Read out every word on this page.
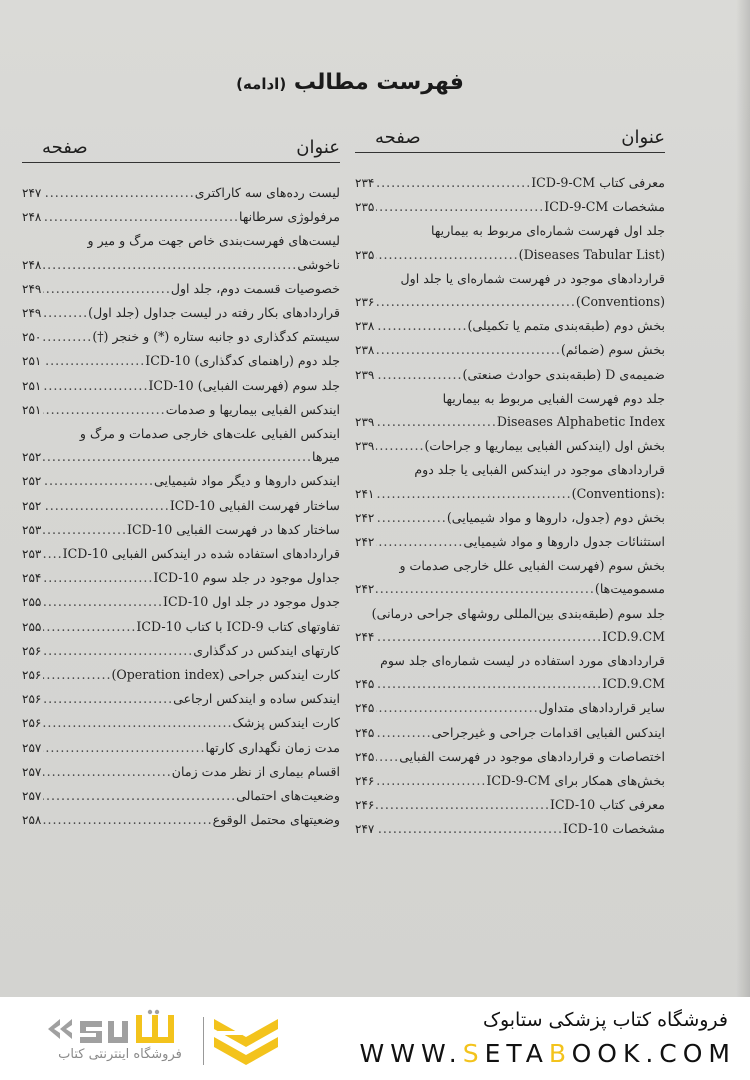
فهرست مطالب (ادامه)
عنوان
صفحه
معرفی کتاب ICD-9-CM
.....
۲۳۴
مشخصات ICD-9-CM
.....
۲۳۵
جلد اول فهرست شماره‌ای مربوط به بیماریها
(Diseases Tabular List)
.....
۲۳۵
قراردادهای موجود در فهرست شماره‌ای یا جلد اول
(Conventions)
.....
۲۳۶
بخش دوم (طبقه‌بندی متمم یا تکمیلی)
.....
۲۳۸
بخش سوم (ضمائم)
.....
۲۳۸
ضمیمه‌ی D (طبقه‌بندی حوادث صنعتی)
.....
۲۳۹
جلد دوم فهرست الفبایی مربوط به بیماریها
Diseases Alphabetic Index
.....
۲۳۹
بخش اول (ایندکس الفبایی بیماریها و جراحات)
.....
۲۳۹
قراردادهای موجود در ایندکس الفبایی یا جلد دوم
:(Conventions)
.....
۲۴۱
بخش دوم (جدول، داروها و مواد شیمیایی)
.....
۲۴۲
استثنائات جدول داروها و مواد شیمیایی
.....
۲۴۲
بخش سوم (فهرست الفبایی علل خارجی صدمات و
مسمومیت‌ها)
.....
۲۴۲
جلد سوم (طبقه‌بندی بین‌المللی روشهای جراحی درمانی)
ICD.9.CM
.....
۲۴۴
قراردادهای مورد استفاده در لیست شماره‌ای جلد سوم
ICD.9.CM
.....
۲۴۵
سایر قراردادهای متداول
.....
۲۴۵
ایندکس الفبایی اقدامات جراحی و غیرجراحی
.....
۲۴۵
اختصاصات و قراردادهای موجود در فهرست الفبایی
.....
۲۴۵
بخش‌های همکار برای ICD-9-CM
.....
۲۴۶
معرفی کتاب ICD-10
.....
۲۴۶
مشخصات ICD-10
.....
۲۴۷
عنوان
صفحه
لیست رده‌های سه کاراکتری
.....
۲۴۷
مرفولوژی سرطانها
.....
۲۴۸
لیست‌های فهرست‌بندی خاص جهت مرگ و میر و
ناخوشی
.....
۲۴۸
خصوصیات قسمت دوم، جلد اول
.....
۲۴۹
قراردادهای بکار رفته در لیست جداول (جلد اول)
.....
۲۴۹
سیستم کدگذاری دو جانبه ستاره (*) و خنجر (†)
.....
۲۵۰
جلد دوم (راهنمای کدگذاری) ICD-10
.....
۲۵۱
جلد سوم (فهرست الفبایی) ICD-10
.....
۲۵۱
ایندکس الفبایی بیماریها و صدمات
.....
۲۵۱
ایندکس الفبایی علت‌های خارجی صدمات و مرگ و
میرها
.....
۲۵۲
ایندکس داروها و دیگر مواد شیمیایی
.....
۲۵۲
ساختار فهرست الفبایی ICD-10
.....
۲۵۲
ساختار کدها در فهرست الفبایی ICD-10
.....
۲۵۳
قراردادهای استفاده شده در ایندکس الفبایی ICD-10
.....
۲۵۳
جداول موجود در جلد سوم ICD-10
.....
۲۵۴
جدول موجود در جلد اول ICD-10
.....
۲۵۵
تفاوتهای کتاب ICD-9 با کتاب ICD-10
.....
۲۵۵
کارتهای ایندکس در کدگذاری
.....
۲۵۶
کارت ایندکس جراحی (Operation index)
.....
۲۵۶
ایندکس ساده و ایندکس ارجاعی
.....
۲۵۶
کارت ایندکس پزشک
.....
۲۵۶
مدت زمان نگهداری کارتها
.....
۲۵۷
اقسام بیماری از نظر مدت زمان
.....
۲۵۷
وضعیت‌های احتمالی
.....
۲۵۷
وضعیتهای محتمل الوقوع
.....
۲۵۸
فروشگاه اینترنتی کتاب
فروشگاه کتاب پزشکی ستابوک
WWW.SETABOOK.COM
